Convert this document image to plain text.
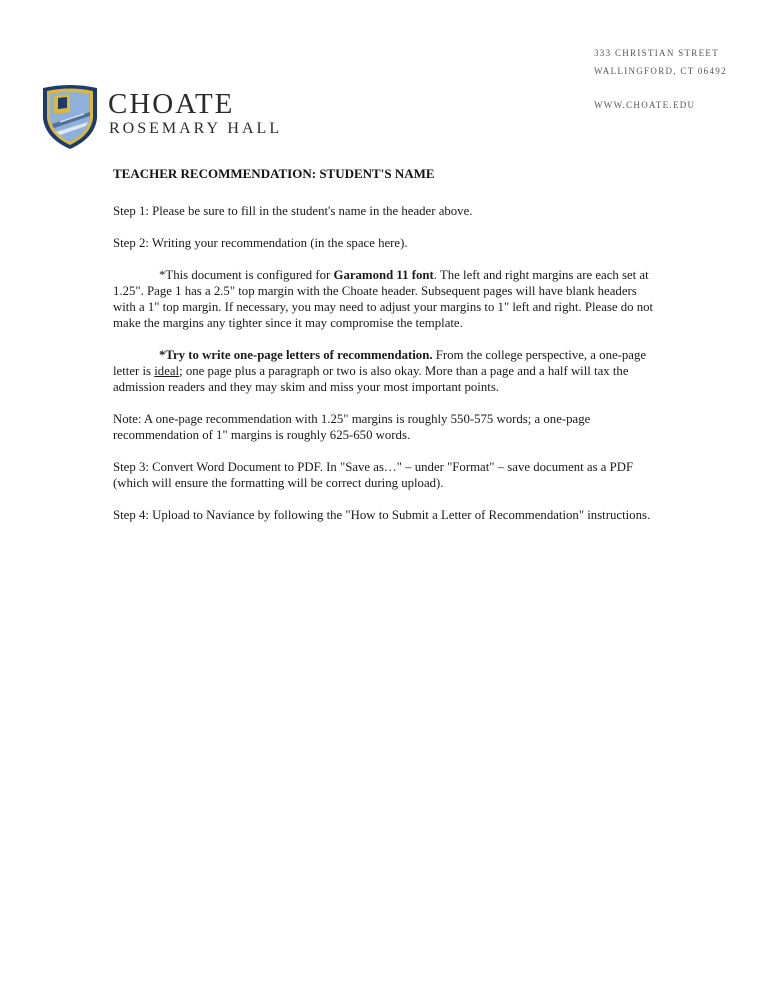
CHOATE
ROSEMARY HALL
333 CHRISTIAN STREET
WALLINGFORD, CT 06492
WWW.CHOATE.EDU
TEACHER RECOMMENDATION: STUDENT'S NAME

Step 1: Please be sure to fill in the student's name in the header above.

Step 2: Writing your recommendation (in the space here).

*This document is configured for Garamond 11 font. The left and right margins are each set at 1.25". Page 1 has a 2.5" top margin with the Choate header. Subsequent pages will have blank headers with a 1" top margin. If necessary, you may need to adjust your margins to 1" left and right. Please do not make the margins any tighter since it may compromise the template.

*Try to write one-page letters of recommendation. From the college perspective, a one-page letter is ideal; one page plus a paragraph or two is also okay. More than a page and a half will tax the admission readers and they may skim and miss your most important points.

Note: A one-page recommendation with 1.25" margins is roughly 550-575 words; a one-page recommendation of 1" margins is roughly 625-650 words.

Step 3: Convert Word Document to PDF. In "Save as…" – under "Format" – save document as a PDF (which will ensure the formatting will be correct during upload).

Step 4: Upload to Naviance by following the "How to Submit a Letter of Recommendation" instructions.
